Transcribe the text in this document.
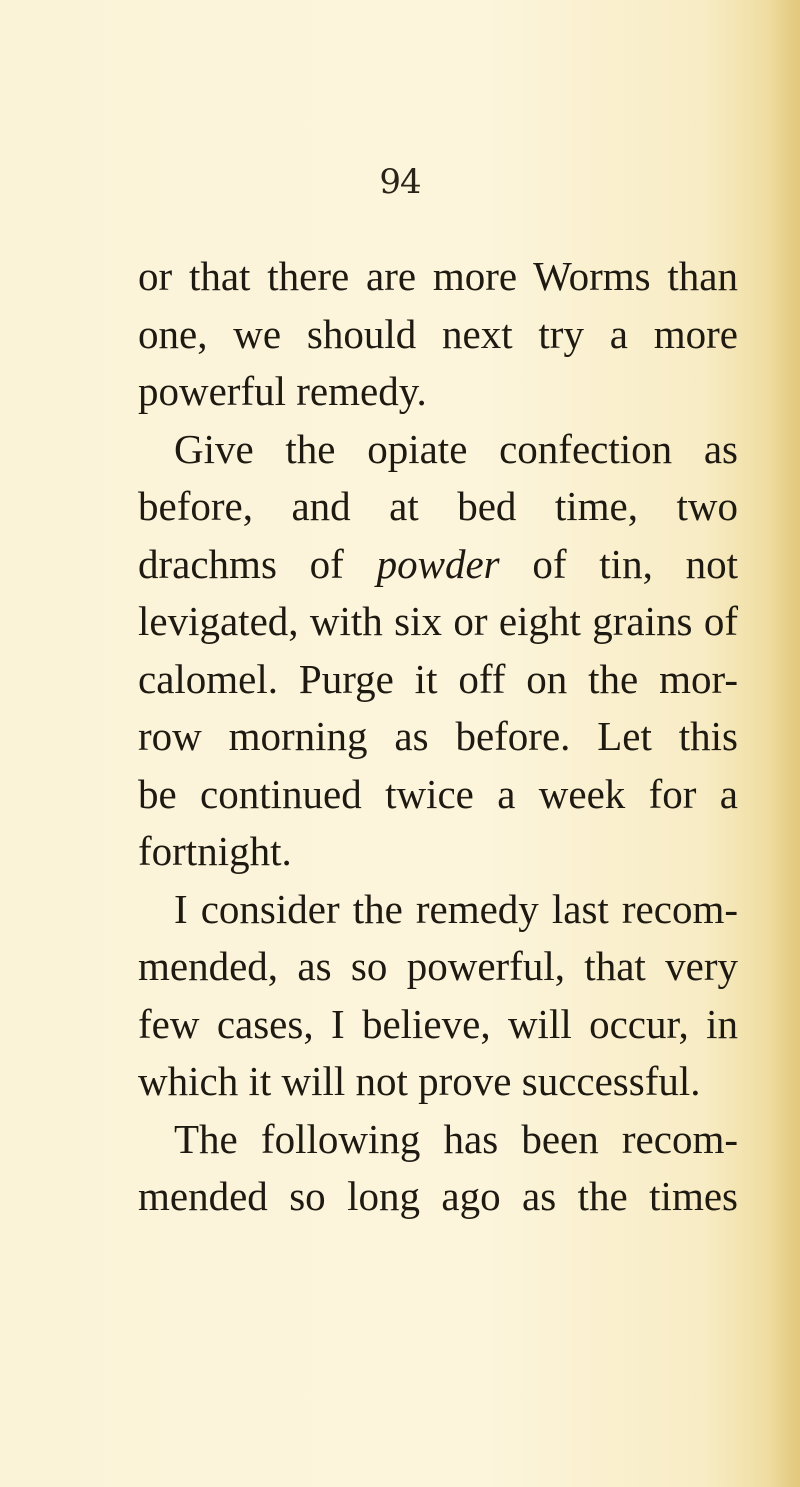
94
or that there are more Worms than
one, we should next try a more
powerful remedy.
Give the opiate confection as
before, and at bed time, two
drachms of powder of tin, not
levigated, with six or eight grains of
calomel. Purge it off on the mor-
row morning as before. Let this
be continued twice a week for a
fortnight.
I consider the remedy last recom-
mended, as so powerful, that very
few cases, I believe, will occur, in
which it will not prove successful.
The following has been recom-
mended so long ago as the times
